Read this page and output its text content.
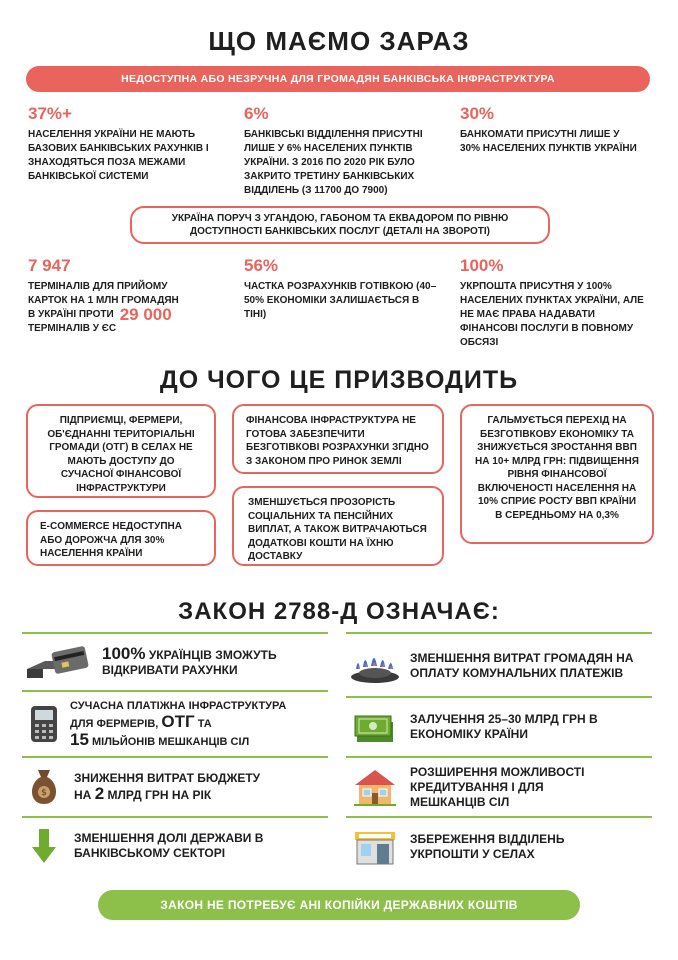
ЩО МАЄМО ЗАРАЗ
НЕДОСТУПНА АБО НЕЗРУЧНА ДЛЯ ГРОМАДЯН БАНКІВСЬКА ІНФРАСТРУКТУРА
37%+
НАСЕЛЕННЯ УКРАЇНИ НЕ МАЮТЬ БАЗОВИХ БАНКІВСЬКИХ РАХУНКІВ І ЗНАХОДЯТЬСЯ ПОЗА МЕЖАМИ БАНКІВСЬКОЇ СИСТЕМИ
6%
БАНКІВСЬКІ ВІДДІЛЕННЯ ПРИСУТНІ ЛИШЕ У 6% НАСЕЛЕНИХ ПУНКТІВ УКРАЇНИ. З 2016 ПО 2020 РІК БУЛО ЗАКРИТО ТРЕТИНУ БАНКІВСЬКИХ ВІДДІЛЕНЬ (З 11700 ДО 7900)
30%
БАНКОМАТИ ПРИСУТНІ ЛИШЕ У 30% НАСЕЛЕНИХ ПУНКТІВ УКРАЇНИ
УКРАЇНА ПОРУЧ З УГАНДОЮ, ГАБОНОМ ТА ЕКВАДОРОМ ПО РІВНЮ ДОСТУПНОСТІ БАНКІВСЬКИХ ПОСЛУГ (ДЕТАЛІ НА ЗВОРОТІ)
7 947
ТЕРМІНАЛІВ ДЛЯ ПРИЙОМУ
КАРТОК НА 1 МЛН ГРОМАДЯН
В УКРАЇНІ ПРОТИ 29 000
ТЕРМІНАЛІВ У ЄС
56%
ЧАСТКА РОЗРАХУНКІВ ГОТІВКОЮ (40–50% ЕКОНОМІКИ ЗАЛИШАЄТЬСЯ В ТІНІ)
100%
УКРПОШТА ПРИСУТНЯ У 100% НАСЕЛЕНИХ ПУНКТАХ УКРАЇНИ, АЛЕ НЕ МАЄ ПРАВА НАДАВАТИ ФІНАНСОВІ ПОСЛУГИ В ПОВНОМУ ОБСЯЗІ
ДО ЧОГО ЦЕ ПРИЗВОДИТЬ
ПІДПРИЄМЦІ, ФЕРМЕРИ, ОБ'ЄДНАННІ ТЕРИТОРІАЛЬНІ ГРОМАДИ (ОТГ) В СЕЛАХ НЕ МАЮТЬ ДОСТУПУ ДО СУЧАСНОЇ ФІНАНСОВОЇ ІНФРАСТРУКТУРИ
E-COMMERCE НЕДОСТУПНА АБО ДОРОЖЧА ДЛЯ 30% НАСЕЛЕННЯ КРАЇНИ
ФІНАНСОВА ІНФРАСТРУКТУРА НЕ ГОТОВА ЗАБЕЗПЕЧИТИ БЕЗГОТІВКОВІ РОЗРАХУНКИ ЗГІДНО З ЗАКОНОМ ПРО РИНОК ЗЕМЛІ
ЗМЕНШУЄТЬСЯ ПРОЗОРІСТЬ СОЦІАЛЬНИХ ТА ПЕНСІЙНИХ ВИПЛАТ, А ТАКОЖ ВИТРАЧАЮТЬСЯ ДОДАТКОВІ КОШТИ НА ЇХНЮ ДОСТАВКУ
ГАЛЬМУЄТЬСЯ ПЕРЕХІД НА БЕЗГОТІВКОВУ ЕКОНОМІКУ ТА ЗНИЖУЄТЬСЯ ЗРОСТАННЯ ВВП НА 10+ МЛРД ГРН: ПІДВИЩЕННЯ РІВНЯ ФІНАНСОВОЇ ВКЛЮЧЕНОСТІ НАСЕЛЕННЯ НА 10% СПРИЄ РОСТУ ВВП КРАЇНИ В СЕРЕДНЬОМУ НА 0,3%
ЗАКОН 2788-Д ОЗНАЧАЄ:
100% УКРАЇНЦІВ ЗМОЖУТЬ ВІДКРИВАТИ РАХУНКИ
СУЧАСНА ПЛАТІЖНА ІНФРАСТРУКТУРА
ДЛЯ ФЕРМЕРІВ, ОТГ ТА
15 МІЛЬЙОНІВ МЕШКАНЦІВ СІЛ
$
ЗНИЖЕННЯ ВИТРАТ БЮДЖЕТУ
НА 2 МЛРД ГРН НА РІК
ЗМЕНШЕННЯ ДОЛІ ДЕРЖАВИ В БАНКІВСЬКОМУ СЕКТОРІ
ЗМЕНШЕННЯ ВИТРАТ ГРОМАДЯН НА ОПЛАТУ КОМУНАЛЬНИХ ПЛАТЕЖІВ
ЗАЛУЧЕННЯ 25–30 МЛРД ГРН В ЕКОНОМІКУ КРАЇНИ
РОЗШИРЕННЯ МОЖЛИВОСТІ КРЕДИТУВАННЯ І ДЛЯ МЕШКАНЦІВ СІЛ
ЗБЕРЕЖЕННЯ ВІДДІЛЕНЬ УКРПОШТИ У СЕЛАХ
ЗАКОН НЕ ПОТРЕБУЄ АНІ КОПІЙКИ ДЕРЖАВНИХ КОШТІВ
